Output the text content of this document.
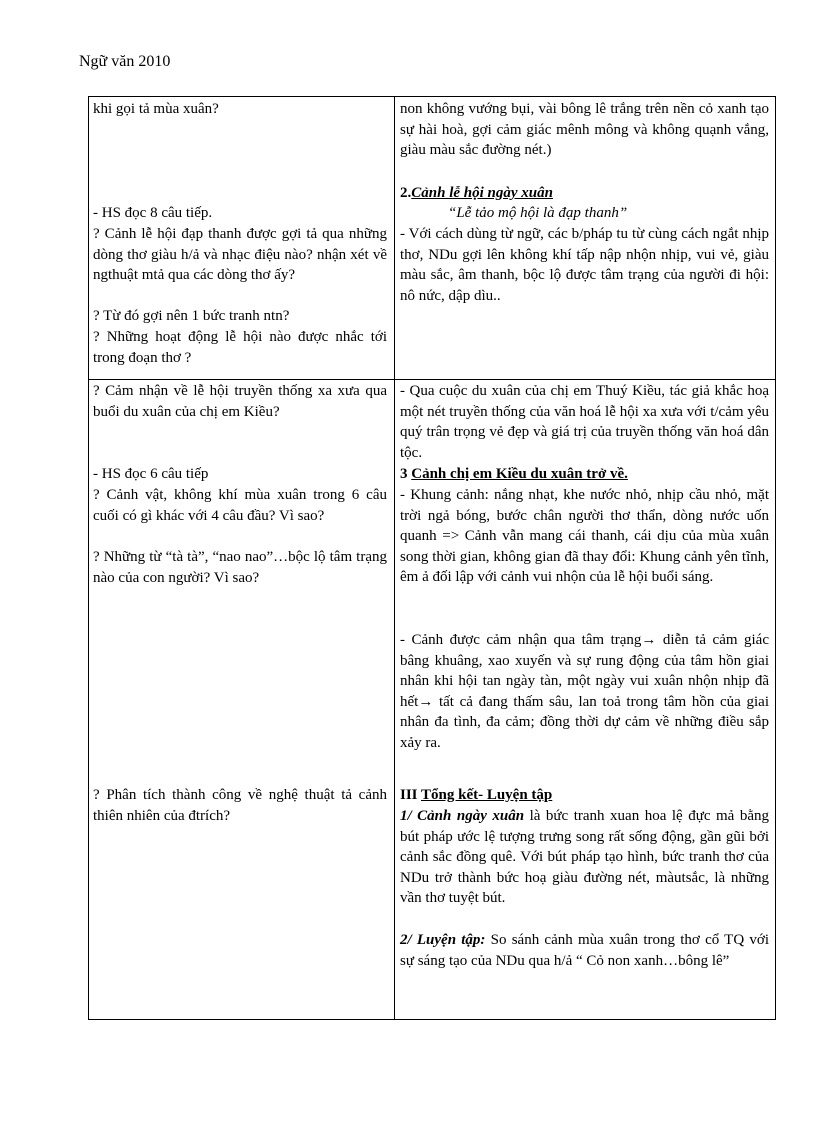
Ngữ văn 2010

khi gọi tả mùa xuân?

- HS đọc 8 câu tiếp.

? Cảnh lễ hội đạp thanh được gợi tả qua những dòng thơ giàu h/ả và nhạc điệu nào? nhận xét về ngthuật mtả qua các dòng thơ ấy?

? Từ đó gợi nên 1 bức tranh ntn?

? Những hoạt động lễ hội nào được nhắc tới trong đoạn thơ ?

? Cảm nhận về lễ hội truyền thống xa xưa qua buổi du xuân của chị em Kiều?

- HS đọc 6 câu tiếp

? Cảnh vật, không khí mùa xuân trong 6 câu cuối có gì khác với 4 câu đầu? Vì sao?

? Những từ “tà tà”, “nao nao”…bộc lộ tâm trạng nào của con người? Vì sao?

? Phân tích thành công về nghệ thuật tả cảnh thiên nhiên của đtrích?

non không vướng bụi, vài bông lê trắng trên nền cỏ xanh tạo sự hài hoà, gợi cảm giác mênh mông và không quạnh vắng, giàu màu sắc đường nét.)

2.Cảnh lễ hội ngày xuân

“Lễ tảo mộ hội là đạp thanh”

- Với cách dùng từ ngữ, các b/pháp tu từ cùng cách ngắt nhịp thơ, NDu gợi lên không khí tấp nập nhộn nhịp, vui vẻ, giàu màu sắc, âm thanh, bộc lộ được tâm trạng của người đi hội: nô nức, dập dìu..

- Qua cuộc du xuân của chị em Thuý Kiều, tác giả khắc hoạ một nét truyền thống của văn hoá lễ hội xa xưa với t/cảm yêu quý trân trọng vẻ đẹp và giá trị của truyền thống văn hoá dân tộc.

3 Cảnh chị em Kiều du xuân trở về.

- Khung cảnh: nắng nhạt, khe nước nhỏ, nhịp cầu nhỏ, mặt trời ngả bóng, bước chân người thơ thẩn, dòng nước uốn quanh => Cảnh vẫn mang cái thanh, cái dịu của mùa xuân song thời gian, không gian đã thay đổi: Khung cảnh yên tĩnh, êm ả đối lập với cảnh vui nhộn của lễ hội buổi sáng.

- Cảnh được cảm nhận qua tâm trạng→ diễn tả cảm giác bâng khuâng, xao xuyến và sự rung động của tâm hồn giai nhân khi hội tan ngày tàn, một ngày vui xuân nhộn nhịp đã hết→ tất cả đang thấm sâu, lan toả trong tâm hồn của giai nhân đa tình, đa cảm; đồng thời dự cảm về những điều sắp xảy ra.

III Tổng kết- Luyện tập

1/ Cảnh ngày xuân là bức tranh xuan hoa lệ đực mả bằng bút pháp ước lệ tượng trưng song rất sống động, gần gũi bởi cảnh sắc đồng quê. Với bút pháp tạo hình, bức tranh thơ của NDu trở thành bức hoạ giàu đường nét, màutsắc, là những vần thơ tuyệt bút.

2/ Luyện tập: So sánh cảnh mùa xuân trong thơ cổ TQ với sự sáng tạo của NDu qua h/ả “ Cỏ non xanh…bông lê”
